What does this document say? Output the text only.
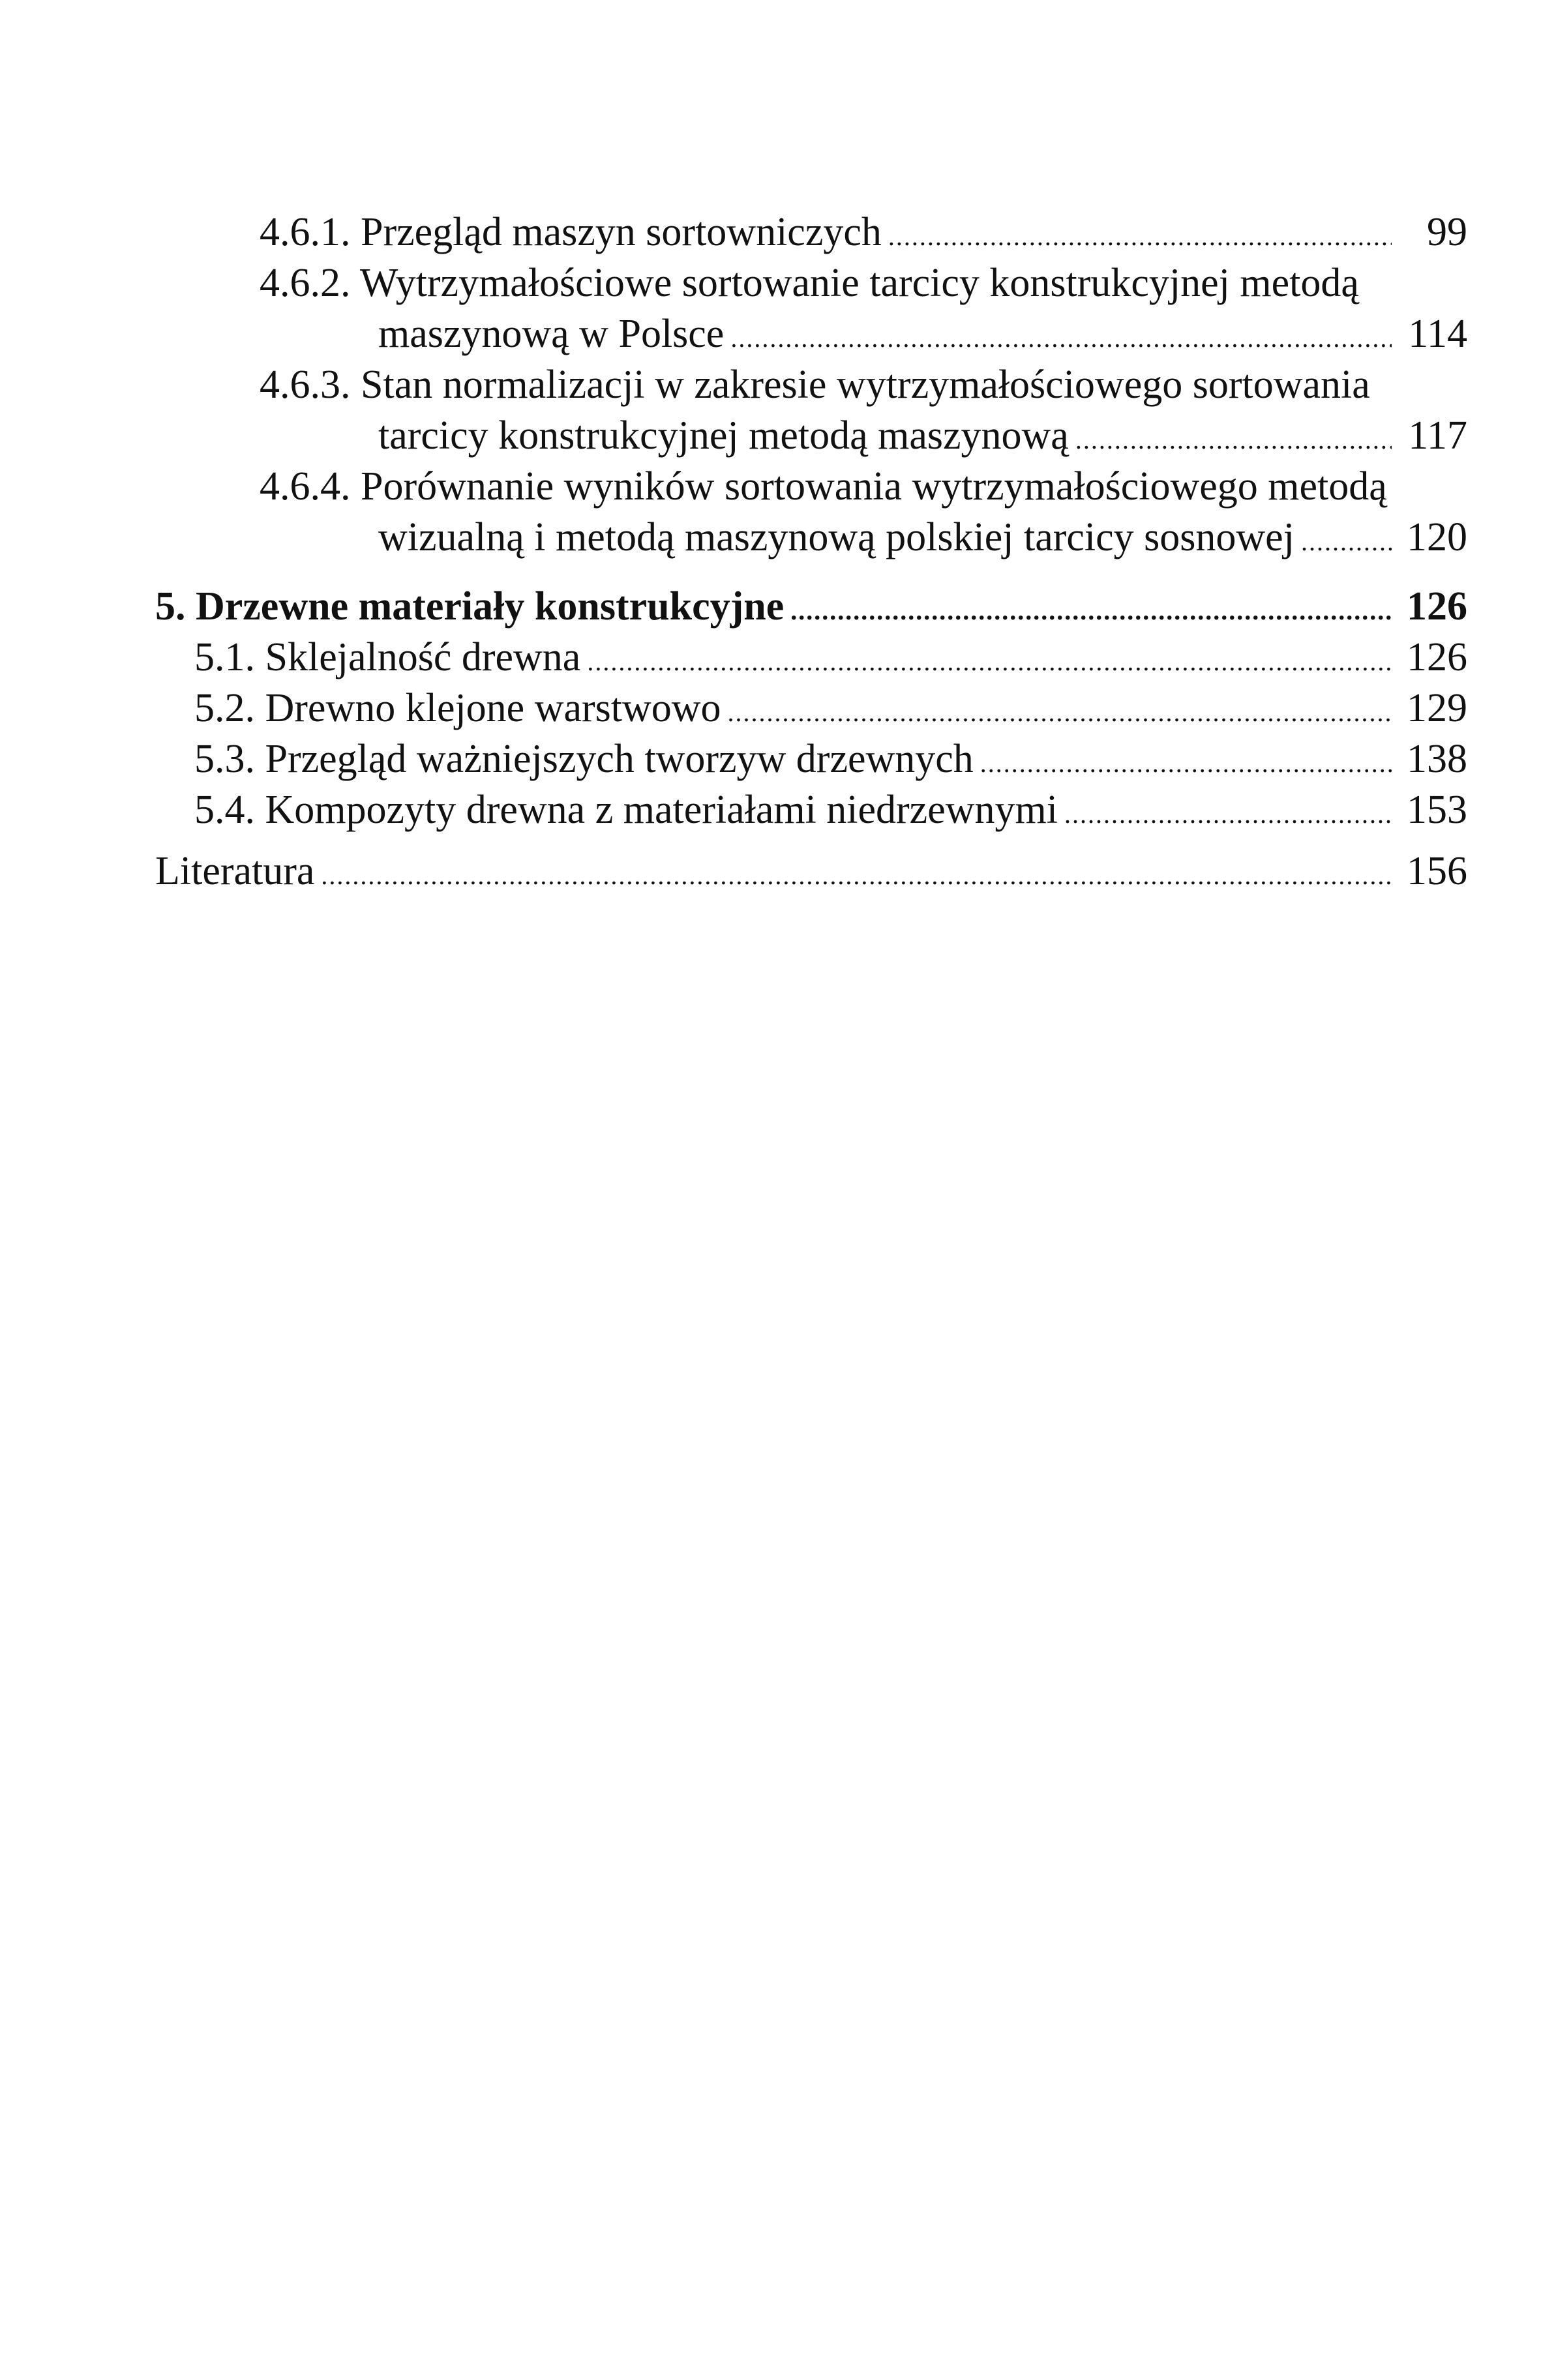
4.6.1. Przegląd maszyn sortowniczych .....	99
4.6.2. Wytrzymałościowe sortowanie tarcicy konstrukcyjnej metodą
maszynową w Polsce .....	114
4.6.3. Stan normalizacji w zakresie wytrzymałościowego sortowania
tarcicy konstrukcyjnej metodą maszynową .....	117
4.6.4. Porównanie wyników sortowania wytrzymałościowego metodą
wizualną i metodą maszynową polskiej tarcicy sosnowej .....	120
5. Drzewne materiały konstrukcyjne .....	126
5.1. Sklejalność drewna .....	126
5.2. Drewno klejone warstwowo .....	129
5.3. Przegląd ważniejszych tworzyw drzewnych .....	138
5.4. Kompozyty drewna z materiałami niedrzewnymi .....	153
Literatura .....	156
